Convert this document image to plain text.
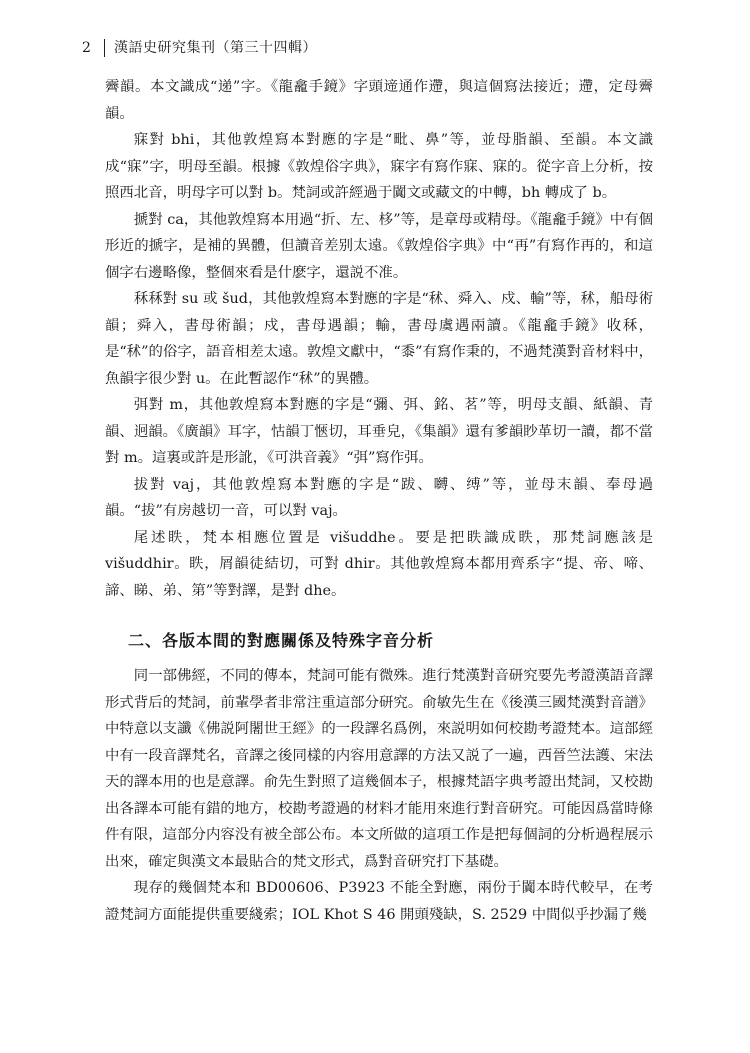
2 漢語史研究集刊（第三十四輯）

霽韻。本文識成“递”字。《龍龕手鏡》字頭遆通作遰，與這個寫法接近；遰，定母霽韻。

寐對 bhi，其他敦煌寫本對應的字是“毗、鼻”等，並母脂韻、至韻。本文識成“寐”字，明母至韻。根據《敦煌俗字典》，寐字有寫作寐、寐的。從字音上分析，按照西北音，明母字可以對 b。梵詞或許經過于闐文或藏文的中轉，bh 轉成了 b。

搋對 ca，其他敦煌寫本用過“折、左、栘”等，是章母或精母。《龍龕手鏡》中有個形近的搋字，是補的異體，但讀音差别太遠。《敦煌俗字典》中“再”有寫作再的，和這個字右邊略像，整個來看是什麽字，還説不准。

秝秝對 su 或 šud，其他敦煌寫本對應的字是“秫、舜入、戍、輸”等，秫，船母術韻；舜入，書母術韻；戍，書母遇韻；輸，書母虞遇兩讀。《龍龕手鏡》收秝，是“秫”的俗字，語音相差太遠。敦煌文獻中，“黍”有寫作秉的，不過梵漢對音材料中，魚韻字很少對 u。在此暫認作“秫”的異體。

弭對 m，其他敦煌寫本對應的字是“彌、弭、銘、茗”等，明母支韻、紙韻、青韻、迥韻。《廣韻》耳字，怙韻丁愜切，耳垂皃，《集韻》還有爹韻眇革切一讀，都不當對 m。這裏或許是形訛，《可洪音義》“弭”寫作弭。

拔對 vaj，其他敦煌寫本對應的字是“跋、嚩、缚”等，並母末韻、奉母過韻。“拔”有房越切一音，可以對 vaj。

尾述眣，梵本相應位置是 višuddhe。要是把眣識成眣，那梵詞應該是 višuddhir。眣，屑韻徒結切，可對 dhir。其他敦煌寫本都用齊系字“提、帝、啼、諦、睇、弟、第”等對譯，是對 dhe。

二、各版本間的對應關係及特殊字音分析

同一部佛經，不同的傳本，梵詞可能有微殊。進行梵漢對音研究要先考證漢語音譯形式背后的梵詞，前輩學者非常注重這部分研究。俞敏先生在《後漢三國梵漢對音譜》中特意以支讖《佛説阿闍世王經》的一段譯名爲例，來説明如何校勘考證梵本。這部經中有一段音譯梵名，音譯之後同樣的内容用意譯的方法又説了一遍，西晉竺法護、宋法天的譯本用的也是意譯。俞先生對照了這幾個本子，根據梵語字典考證出梵詞，又校勘出各譯本可能有錯的地方，校勘考證過的材料才能用來進行對音研究。可能因爲當時條件有限，這部分内容没有被全部公布。本文所做的這項工作是把每個詞的分析過程展示出來，確定與漢文本最貼合的梵文形式，爲對音研究打下基礎。

現存的幾個梵本和 BD00606、P3923 不能全對應，兩份于闐本時代較早，在考證梵詞方面能提供重要綫索；IOL Khot S 46 開頭殘缺，S. 2529 中間似乎抄漏了幾
